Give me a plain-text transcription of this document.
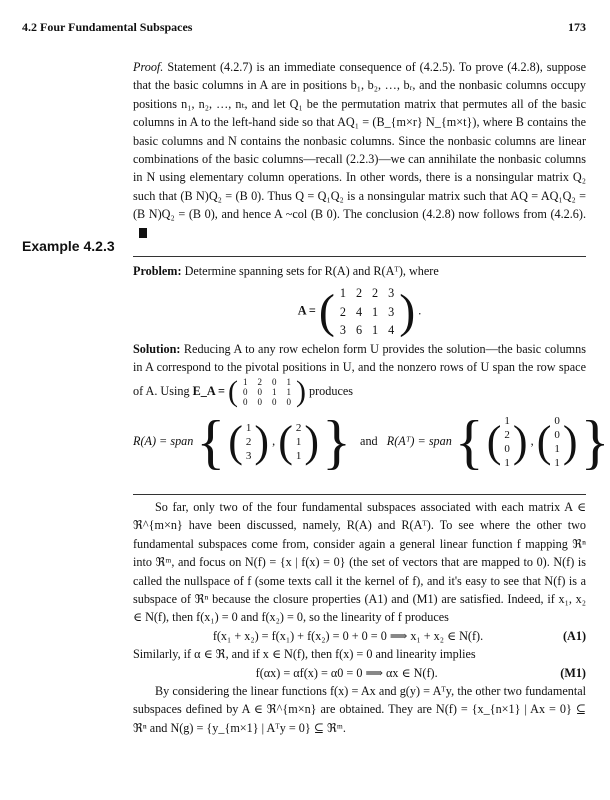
4.2 Four Fundamental Subspaces	173
Proof. Statement (4.2.7) is an immediate consequence of (4.2.5). To prove (4.2.8), suppose that the basic columns in A are in positions b₁, b₂, …, bᵣ, and the nonbasic columns occupy positions n₁, n₂, …, nₜ, and let Q₁ be the permutation matrix that permutes all of the basic columns in A to the left-hand side so that AQ₁ = (B_{m×r} N_{m×t}), where B contains the basic columns and N contains the nonbasic columns. Since the nonbasic columns are linear combinations of the basic columns—recall (2.2.3)—we can annihilate the nonbasic columns in N using elementary column operations. In other words, there is a nonsingular matrix Q₂ such that (B N)Q₂ = (B 0). Thus Q = Q₁Q₂ is a nonsingular matrix such that AQ = AQ₁Q₂ = (B N)Q₂ = (B 0), and hence A ~col (B 0). The conclusion (4.2.8) now follows from (4.2.6).
Example 4.2.3
Problem: Determine spanning sets for R(A) and R(Aᵀ), where
A = ( 1	2	2	3
2	4	1	3
3	6	1	4 ) .
Solution: Reducing A to any row echelon form U provides the solution—the basic columns in A correspond to the pivotal positions in U, and the nonzero rows of U span the row space of A. Using E_A = ( 1	2	0	1
0	0	1	1
0	0	0	0 ) produces
R(A) = span { ( 1
2
3 ) , ( 2
1
1 ) } and R(Aᵀ) = span { ( 1
2
0
1 ) , ( 0
0
1
1 ) }
So far, only two of the four fundamental subspaces associated with each matrix A ∈ ℜ^{m×n} have been discussed, namely, R(A) and R(Aᵀ). To see where the other two fundamental subspaces come from, consider again a general linear function f mapping ℜⁿ into ℜᵐ, and focus on N(f) = {x | f(x) = 0} (the set of vectors that are mapped to 0). N(f) is called the nullspace of f (some texts call it the kernel of f), and it's easy to see that N(f) is a subspace of ℜⁿ because the closure properties (A1) and (M1) are satisfied. Indeed, if x₁, x₂ ∈ N(f), then f(x₁) = 0 and f(x₂) = 0, so the linearity of f produces
f(x₁ + x₂) = f(x₁) + f(x₂) = 0 + 0 = 0 ⟹ x₁ + x₂ ∈ N(f).	(A1)
Similarly, if α ∈ ℜ, and if x ∈ N(f), then f(x) = 0 and linearity implies
f(αx) = αf(x) = α0 = 0 ⟹ αx ∈ N(f).	(M1)
By considering the linear functions f(x) = Ax and g(y) = Aᵀy, the other two fundamental subspaces defined by A ∈ ℜ^{m×n} are obtained. They are N(f) = {x_{n×1} | Ax = 0} ⊆ ℜⁿ and N(g) = {y_{m×1} | Aᵀy = 0} ⊆ ℜᵐ.
